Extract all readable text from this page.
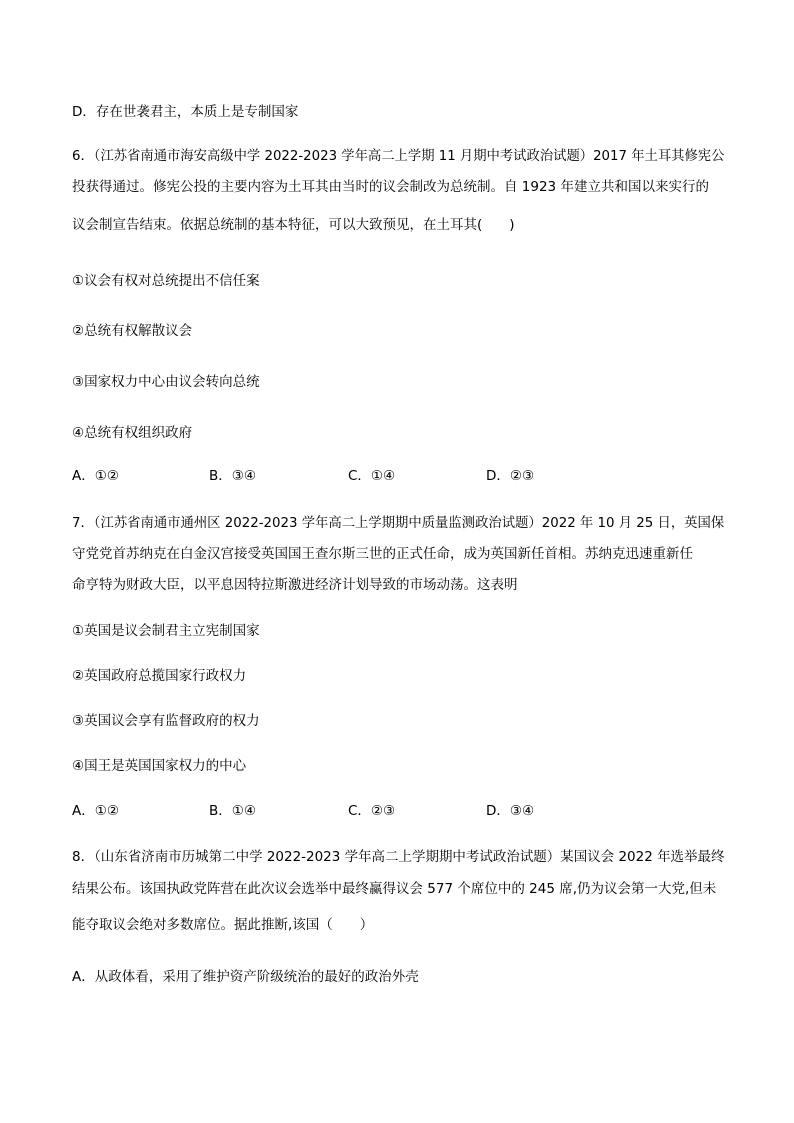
D．存在世袭君主，本质上是专制国家
6．（江苏省南通市海安高级中学 2022-2023 学年高二上学期 11 月期中考试政治试题）2017 年土耳其修宪公
投获得通过。修宪公投的主要内容为土耳其由当时的议会制改为总统制。自 1923 年建立共和国以来实行的
议会制宣告结束。依据总统制的基本特征，可以大致预见，在土耳其(　　)
①议会有权对总统提出不信任案
②总统有权解散议会
③国家权力中心由议会转向总统
④总统有权组织政府
A．①②	B．③④	C．①④	D．②③
7．（江苏省南通市通州区 2022-2023 学年高二上学期期中质量监测政治试题）2022 年 10 月 25 日，英国保
守党党首苏纳克在白金汉宫接受英国国王查尔斯三世的正式任命，成为英国新任首相。苏纳克迅速重新任
命亨特为财政大臣，以平息因特拉斯激进经济计划导致的市场动荡。这表明
①英国是议会制君主立宪制国家
②英国政府总揽国家行政权力
③英国议会享有监督政府的权力
④国王是英国国家权力的中心
A．①②	B．①④	C．②③	D．③④
8．（山东省济南市历城第二中学 2022-2023 学年高二上学期期中考试政治试题）某国议会 2022 年选举最终
结果公布。该国执政党阵营在此次议会选举中最终赢得议会 577 个席位中的 245 席,仍为议会第一大党,但未
能夺取议会绝对多数席位。据此推断,该国（　　）
A．从政体看，采用了维护资产阶级统治的最好的政治外壳
